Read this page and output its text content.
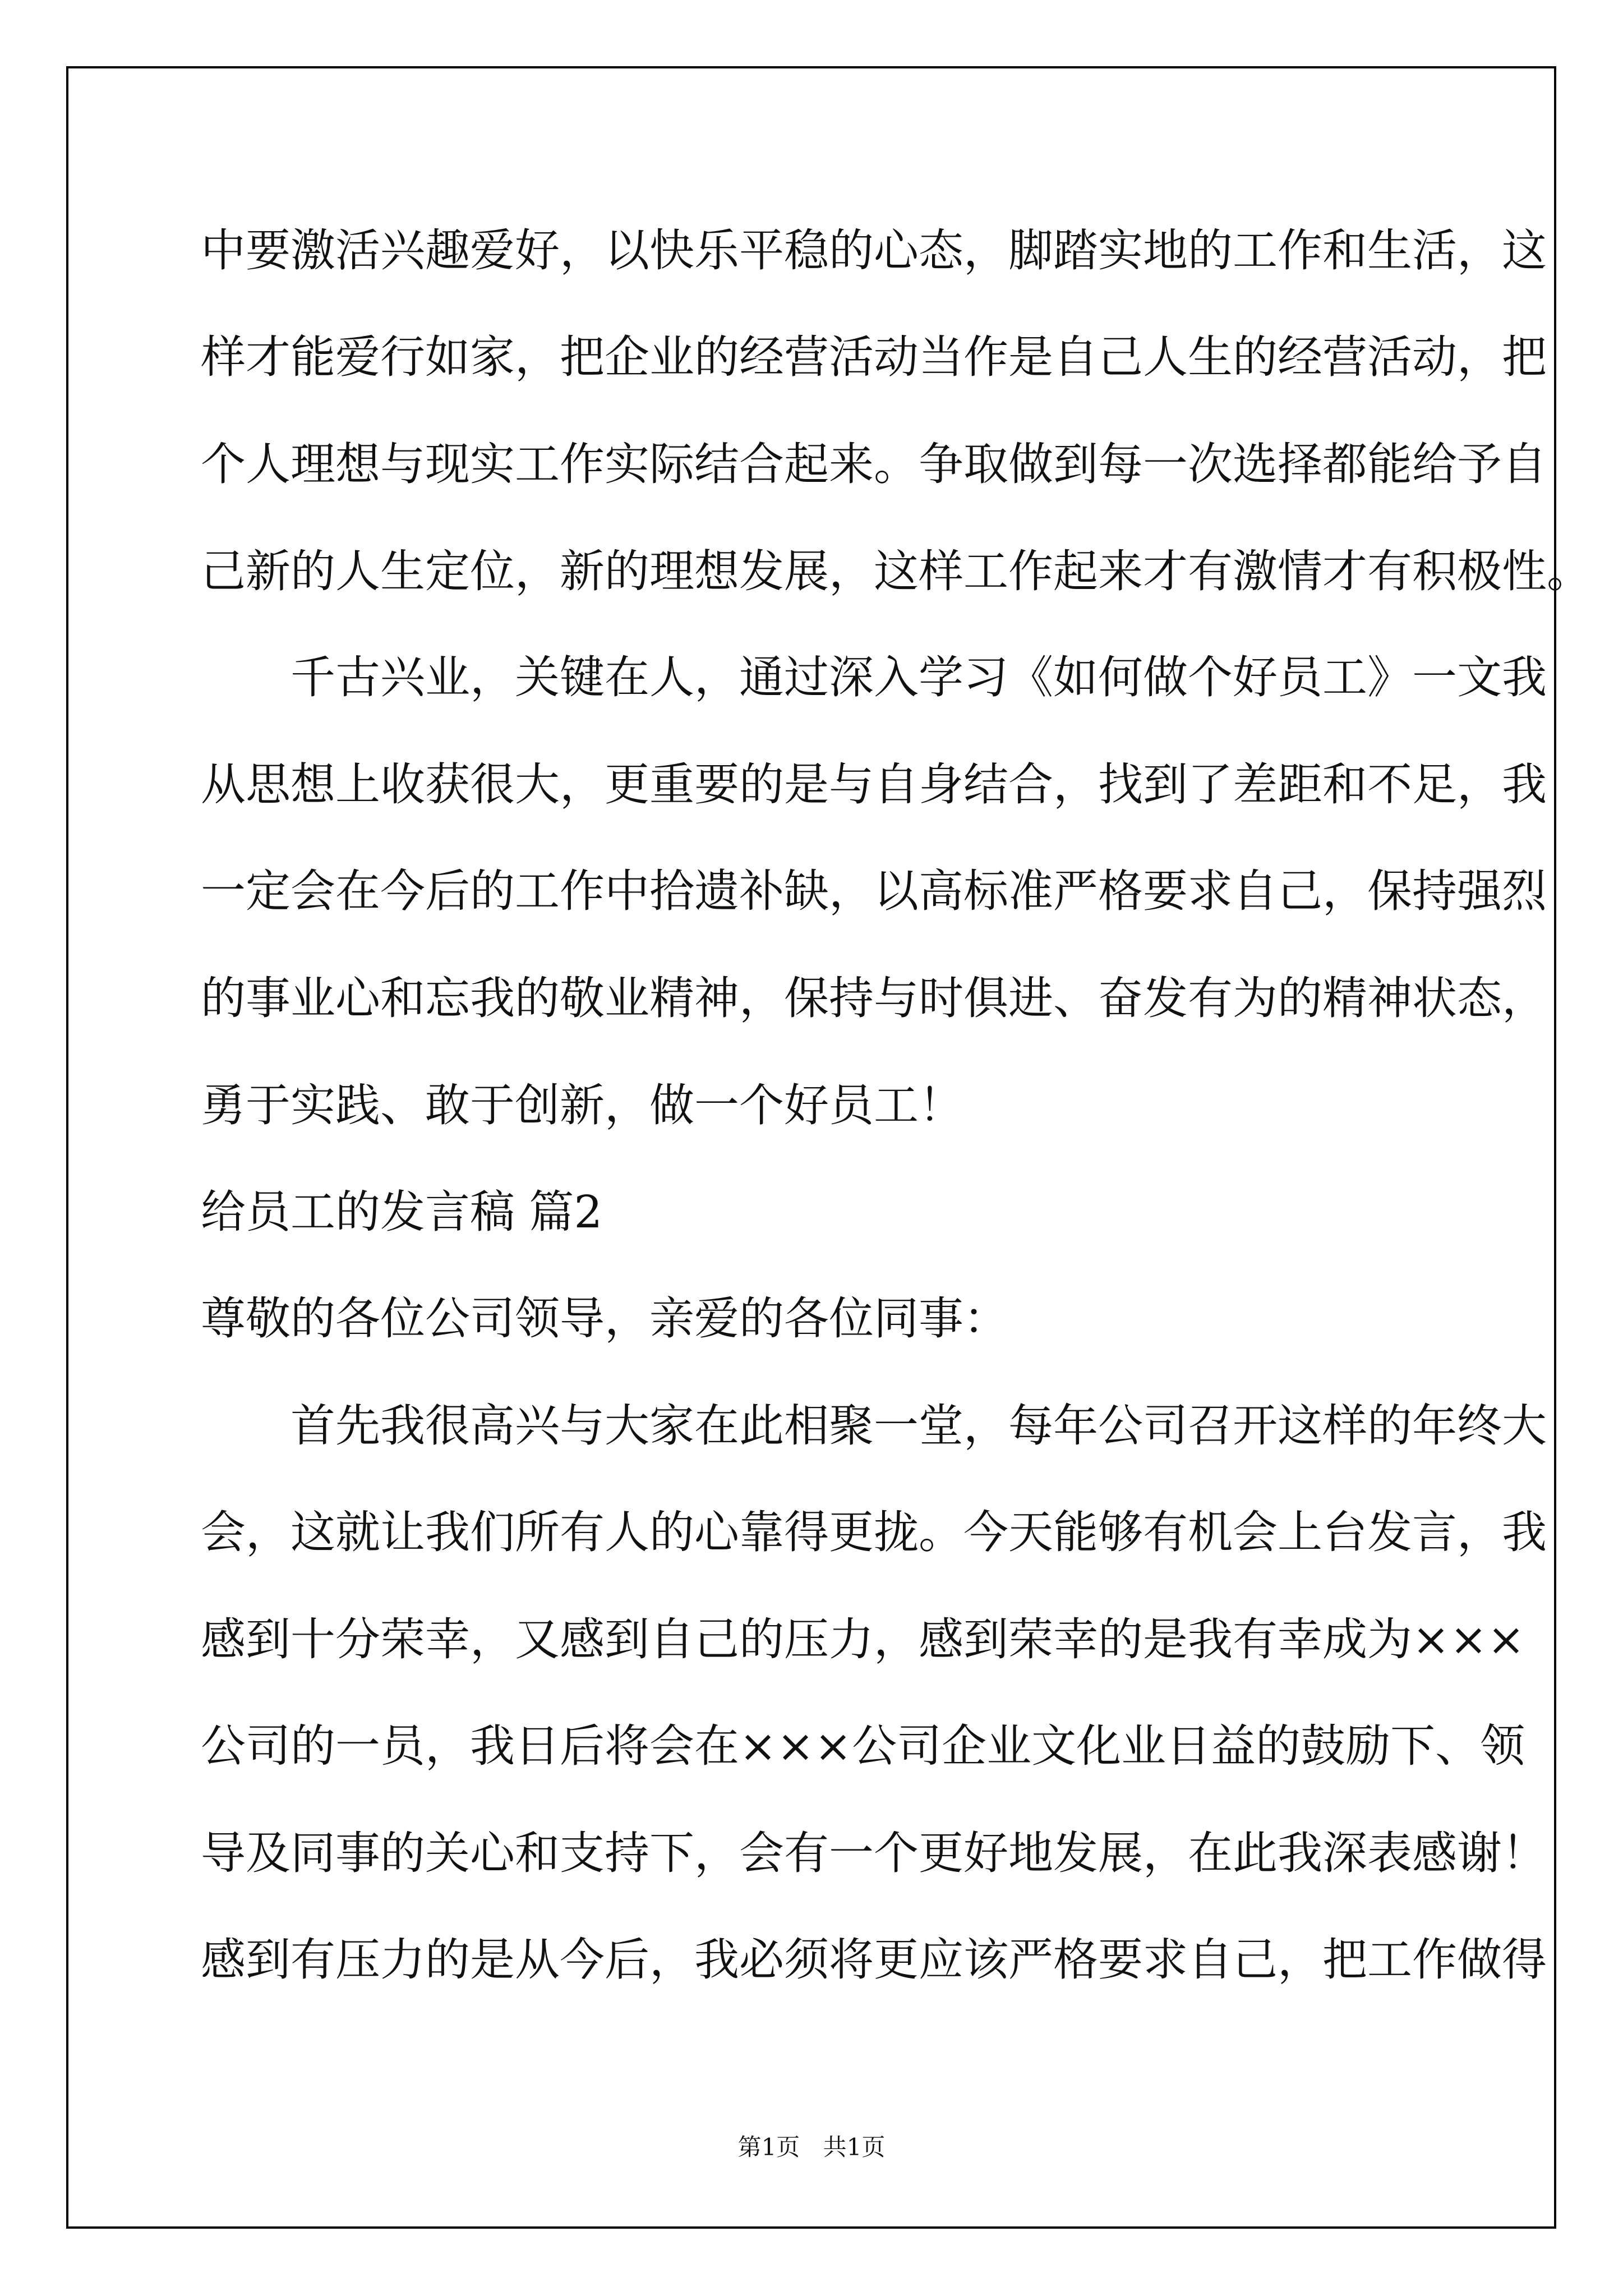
中要激活兴趣爱好，以快乐平稳的心态，脚踏实地的工作和生活，这
样才能爱行如家，把企业的经营活动当作是自己人生的经营活动，把
个人理想与现实工作实际结合起来。争取做到每一次选择都能给予自
己新的人生定位，新的理想发展，这样工作起来才有激情才有积极性。
　　千古兴业，关键在人，通过深入学习《如何做个好员工》一文我
从思想上收获很大，更重要的是与自身结合，找到了差距和不足，我
一定会在今后的工作中拾遗补缺，以高标准严格要求自己，保持强烈
的事业心和忘我的敬业精神，保持与时俱进、奋发有为的精神状态，
勇于实践、敢于创新，做一个好员工！
给员工的发言稿 篇2
尊敬的各位公司领导，亲爱的各位同事：
　　首先我很高兴与大家在此相聚一堂，每年公司召开这样的年终大
会，这就让我们所有人的心靠得更拢。今天能够有机会上台发言，我
感到十分荣幸，又感到自己的压力，感到荣幸的是我有幸成为×××
公司的一员，我日后将会在×××公司企业文化业日益的鼓励下、领
导及同事的关心和支持下，会有一个更好地发展，在此我深表感谢！
感到有压力的是从今后，我必须将更应该严格要求自己，把工作做得
第1页 共1页
